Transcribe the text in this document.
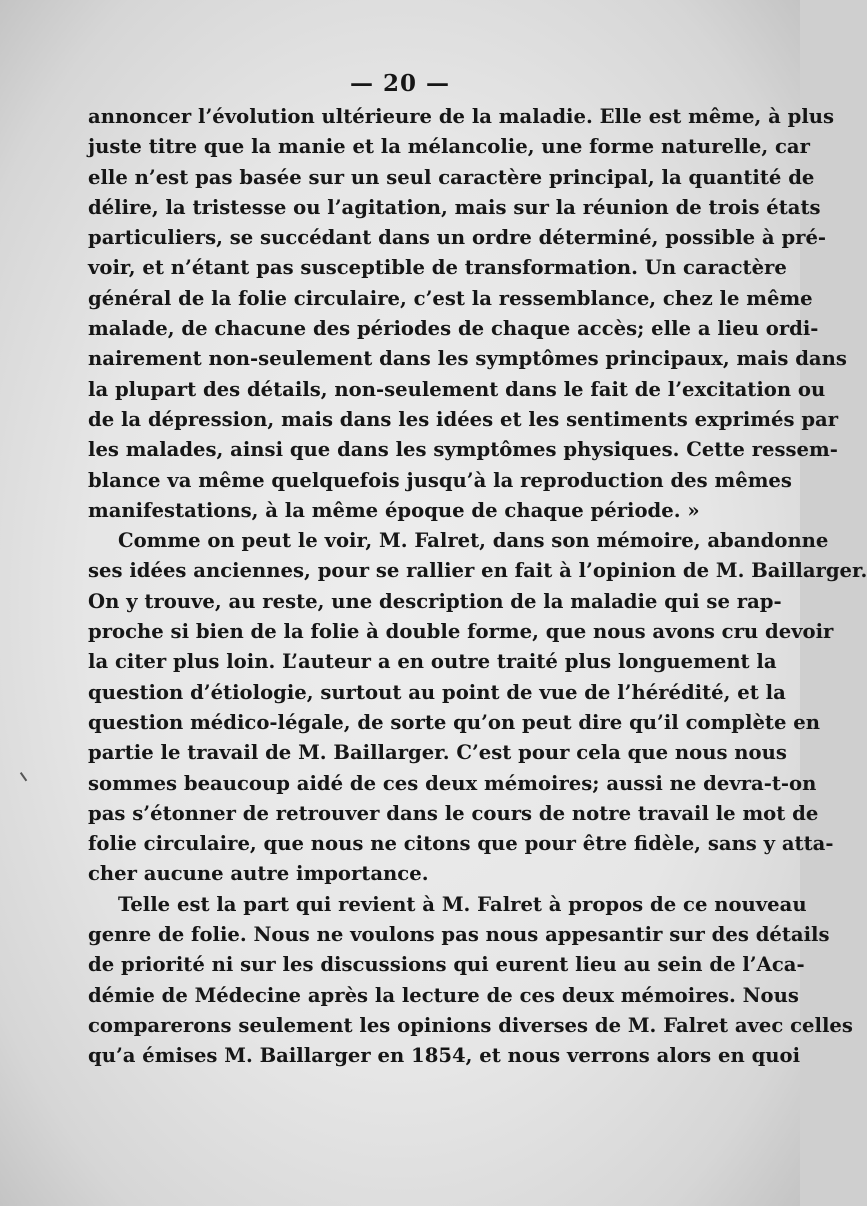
— 20 —
annoncer l’évolution ultérieure de la maladie. Elle est même, à plus
juste titre que la manie et la mélancolie, une forme naturelle, car
elle n’est pas basée sur un seul caractère principal, la quantité de
délire, la tristesse ou l’agitation, mais sur la réunion de trois états
particuliers, se succédant dans un ordre déterminé, possible à pré-
voir, et n’étant pas susceptible de transformation. Un caractère
général de la folie circulaire, c’est la ressemblance, chez le même
malade, de chacune des périodes de chaque accès; elle a lieu ordi-
nairement non-seulement dans les symptômes principaux, mais dans
la plupart des détails, non-seulement dans le fait de l’excitation ou
de la dépression, mais dans les idées et les sentiments exprimés par
les malades, ainsi que dans les symptômes physiques. Cette ressem-
blance va même quelquefois jusqu’à la reproduction des mêmes
manifestations, à la même époque de chaque période. »
Comme on peut le voir, M. Falret, dans son mémoire, abandonne
ses idées anciennes, pour se rallier en fait à l’opinion de M. Baillarger.
On y trouve, au reste, une description de la maladie qui se rap-
proche si bien de la folie à double forme, que nous avons cru devoir
la citer plus loin. L’auteur a en outre traité plus longuement la
question d’étiologie, surtout au point de vue de l’hérédité, et la
question médico-légale, de sorte qu’on peut dire qu’il complète en
partie le travail de M. Baillarger. C’est pour cela que nous nous
sommes beaucoup aidé de ces deux mémoires; aussi ne devra-t-on
pas s’étonner de retrouver dans le cours de notre travail le mot de
folie circulaire, que nous ne citons que pour être fidèle, sans y atta-
cher aucune autre importance.
Telle est la part qui revient à M. Falret à propos de ce nouveau
genre de folie. Nous ne voulons pas nous appesantir sur des détails
de priorité ni sur les discussions qui eurent lieu au sein de l’Aca-
démie de Médecine après la lecture de ces deux mémoires. Nous
comparerons seulement les opinions diverses de M. Falret avec celles
qu’a émises M. Baillarger en 1854, et nous verrons alors en quoi
